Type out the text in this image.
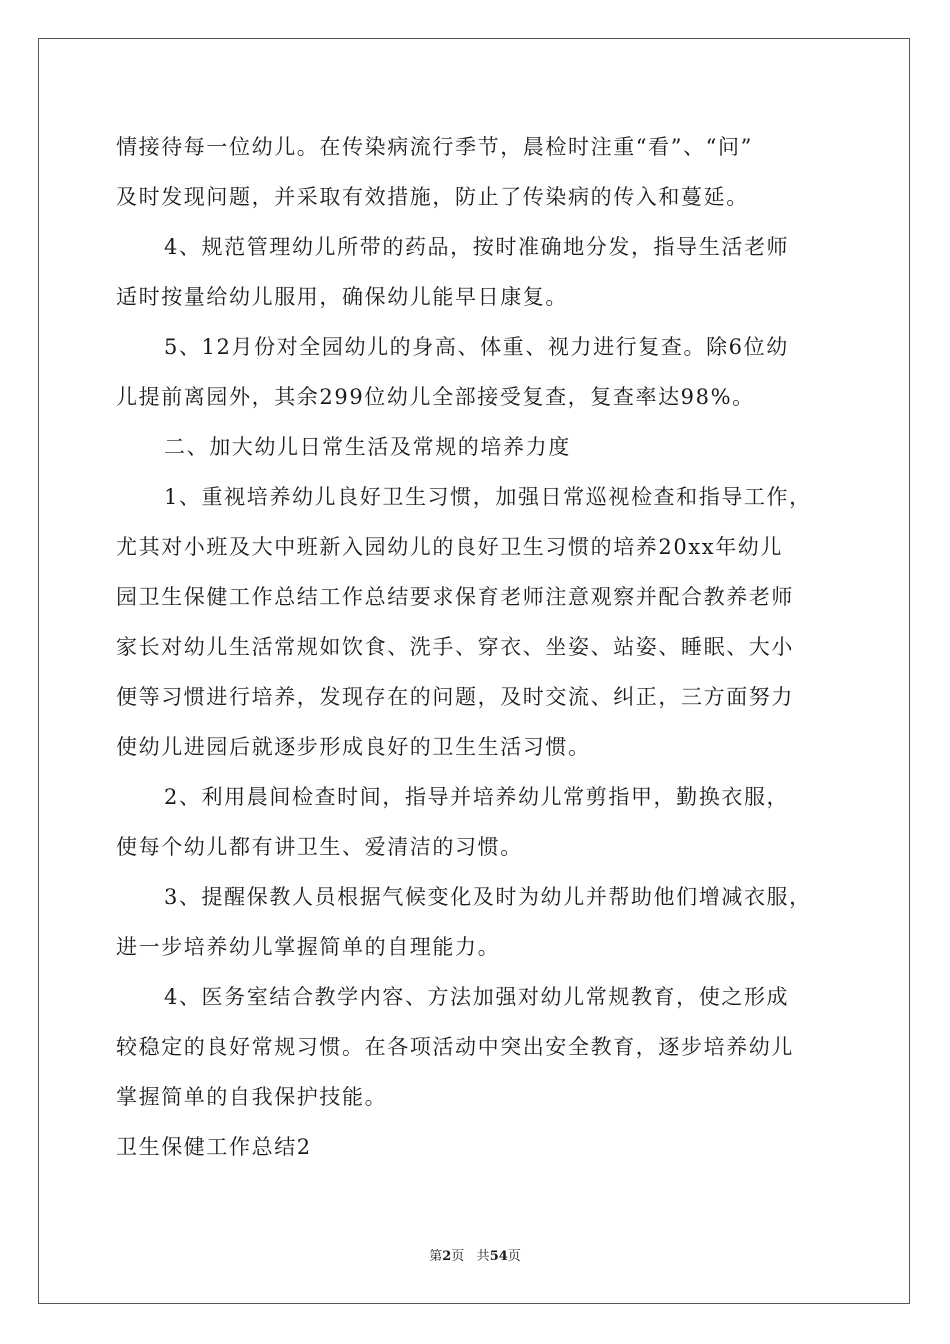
情接待每一位幼儿。在传染病流行季节，晨检时注重“看”、“问”
及时发现问题，并采取有效措施，防止了传染病的传入和蔓延。
4、规范管理幼儿所带的药品，按时准确地分发，指导生活老师
适时按量给幼儿服用，确保幼儿能早日康复。
5、12月份对全园幼儿的身高、体重、视力进行复查。除6位幼
儿提前离园外，其余299位幼儿全部接受复查，复查率达98%。
二、加大幼儿日常生活及常规的培养力度
1、重视培养幼儿良好卫生习惯，加强日常巡视检查和指导工作，
尤其对小班及大中班新入园幼儿的良好卫生习惯的培养20xx年幼儿
园卫生保健工作总结工作总结要求保育老师注意观察并配合教养老师
家长对幼儿生活常规如饮食、洗手、穿衣、坐姿、站姿、睡眠、大小
便等习惯进行培养，发现存在的问题，及时交流、纠正，三方面努力
使幼儿进园后就逐步形成良好的卫生生活习惯。
2、利用晨间检查时间，指导并培养幼儿常剪指甲，勤换衣服，
使每个幼儿都有讲卫生、爱清洁的习惯。
3、提醒保教人员根据气候变化及时为幼儿并帮助他们增减衣服，
进一步培养幼儿掌握简单的自理能力。
4、医务室结合教学内容、方法加强对幼儿常规教育，使之形成
较稳定的良好常规习惯。在各项活动中突出安全教育，逐步培养幼儿
掌握简单的自我保护技能。
卫生保健工作总结2
第2页 共54页
